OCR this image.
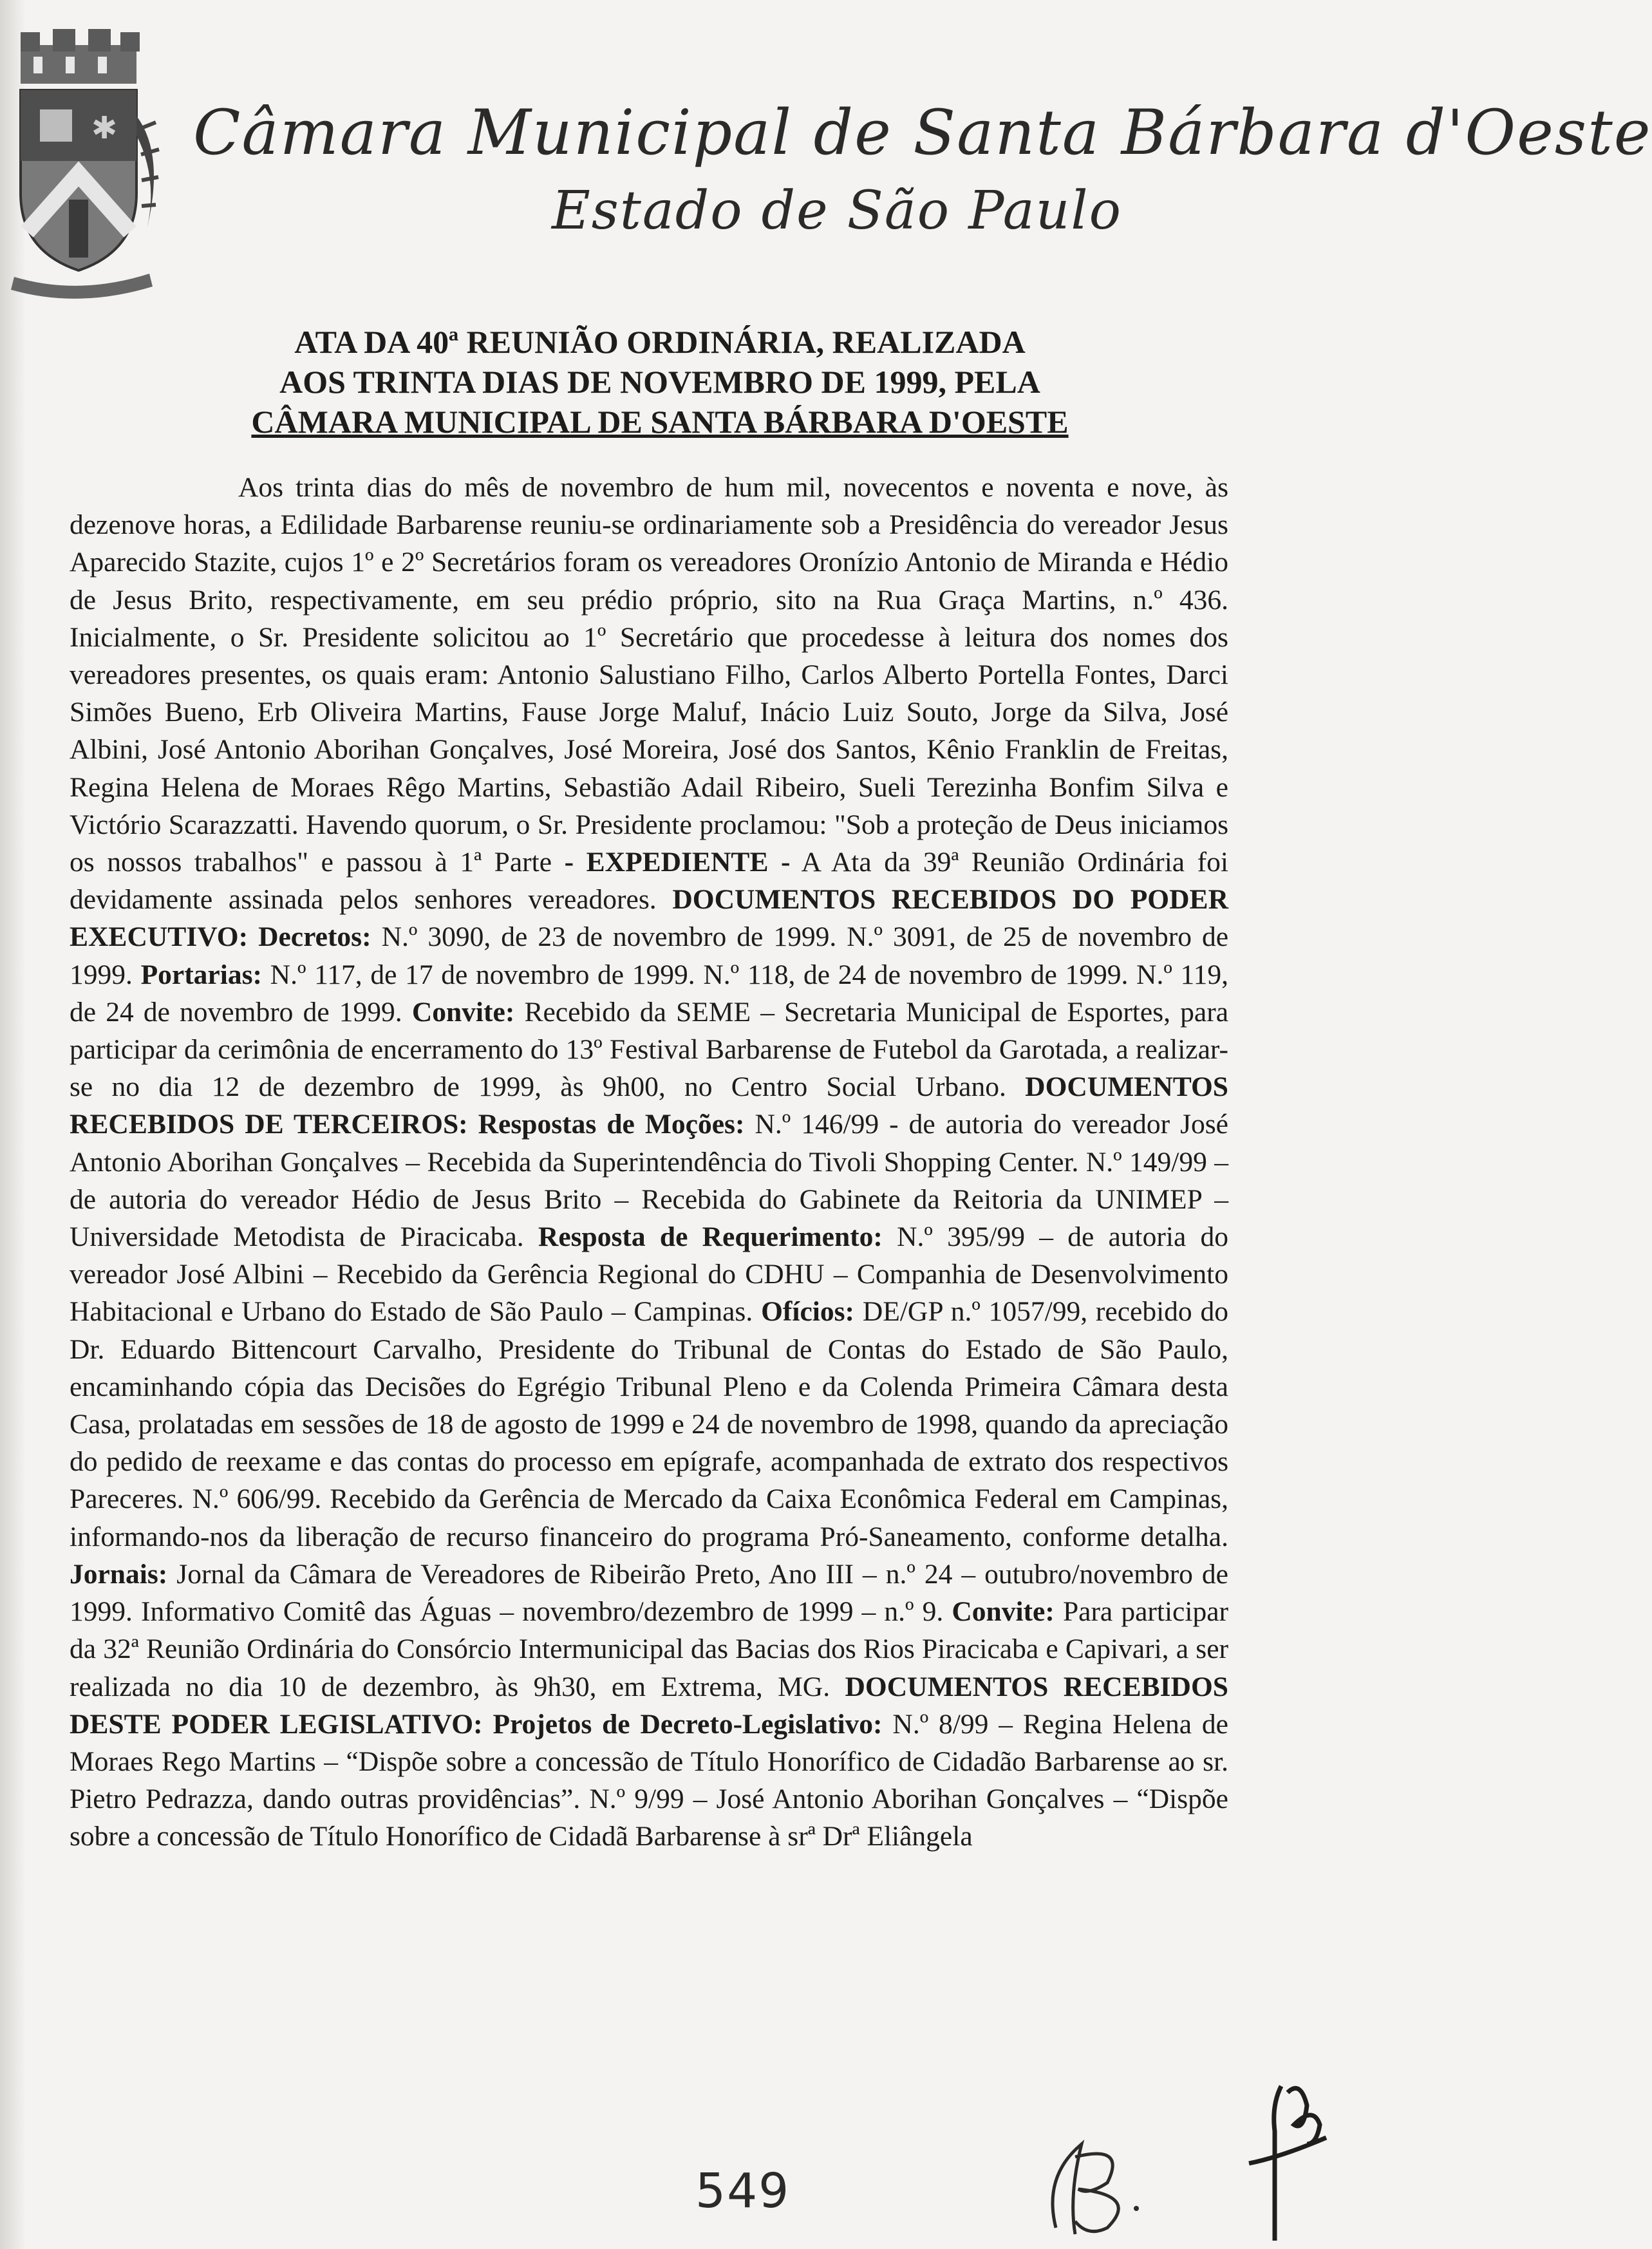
✱ Câmara Municipal de Santa Bárbara d'Oeste
Estado de São Paulo
ATA DA 40ª REUNIÃO ORDINÁRIA, REALIZADA
AOS TRINTA DIAS DE NOVEMBRO DE 1999, PELA
CÂMARA MUNICIPAL DE SANTA BÁRBARA D'OESTE
Aos trinta dias do mês de novembro de hum mil, novecentos e noventa e nove, às dezenove horas, a Edilidade Barbarense reuniu-se ordinariamente sob a Presidência do vereador Jesus Aparecido Stazite, cujos 1º e 2º Secretários foram os vereadores Oronízio Antonio de Miranda e Hédio de Jesus Brito, respectivamente, em seu prédio próprio, sito na Rua Graça Martins, n.º 436. Inicialmente, o Sr. Presidente solicitou ao 1º Secretário que procedesse à leitura dos nomes dos vereadores presentes, os quais eram: Antonio Salustiano Filho, Carlos Alberto Portella Fontes, Darci Simões Bueno, Erb Oliveira Martins, Fause Jorge Maluf, Inácio Luiz Souto, Jorge da Silva, José Albini, José Antonio Aborihan Gonçalves, José Moreira, José dos Santos, Kênio Franklin de Freitas, Regina Helena de Moraes Rêgo Martins, Sebastião Adail Ribeiro, Sueli Terezinha Bonfim Silva e Victório Scarazzatti. Havendo quorum, o Sr. Presidente proclamou: "Sob a proteção de Deus iniciamos os nossos trabalhos" e passou à 1ª Parte - EXPEDIENTE - A Ata da 39ª Reunião Ordinária foi devidamente assinada pelos senhores vereadores. DOCUMENTOS RECEBIDOS DO PODER EXECUTIVO: Decretos: N.º 3090, de 23 de novembro de 1999. N.º 3091, de 25 de novembro de 1999. Portarias: N.º 117, de 17 de novembro de 1999. N.º 118, de 24 de novembro de 1999. N.º 119, de 24 de novembro de 1999. Convite: Recebido da SEME – Secretaria Municipal de Esportes, para participar da cerimônia de encerramento do 13º Festival Barbarense de Futebol da Garotada, a realizar-se no dia 12 de dezembro de 1999, às 9h00, no Centro Social Urbano. DOCUMENTOS RECEBIDOS DE TERCEIROS: Respostas de Moções: N.º 146/99 - de autoria do vereador José Antonio Aborihan Gonçalves – Recebida da Superintendência do Tivoli Shopping Center. N.º 149/99 – de autoria do vereador Hédio de Jesus Brito – Recebida do Gabinete da Reitoria da UNIMEP – Universidade Metodista de Piracicaba. Resposta de Requerimento: N.º 395/99 – de autoria do vereador José Albini – Recebido da Gerência Regional do CDHU – Companhia de Desenvolvimento Habitacional e Urbano do Estado de São Paulo – Campinas. Ofícios: DE/GP n.º 1057/99, recebido do Dr. Eduardo Bittencourt Carvalho, Presidente do Tribunal de Contas do Estado de São Paulo, encaminhando cópia das Decisões do Egrégio Tribunal Pleno e da Colenda Primeira Câmara desta Casa, prolatadas em sessões de 18 de agosto de 1999 e 24 de novembro de 1998, quando da apreciação do pedido de reexame e das contas do processo em epígrafe, acompanhada de extrato dos respectivos Pareceres. N.º 606/99. Recebido da Gerência de Mercado da Caixa Econômica Federal em Campinas, informando-nos da liberação de recurso financeiro do programa Pró-Saneamento, conforme detalha. Jornais: Jornal da Câmara de Vereadores de Ribeirão Preto, Ano III – n.º 24 – outubro/novembro de 1999. Informativo Comitê das Águas – novembro/dezembro de 1999 – n.º 9. Convite: Para participar da 32ª Reunião Ordinária do Consórcio Intermunicipal das Bacias dos Rios Piracicaba e Capivari, a ser realizada no dia 10 de dezembro, às 9h30, em Extrema, MG. DOCUMENTOS RECEBIDOS DESTE PODER LEGISLATIVO: Projetos de Decreto-Legislativo: N.º 8/99 – Regina Helena de Moraes Rego Martins – “Dispõe sobre a concessão de Título Honorífico de Cidadão Barbarense ao sr. Pietro Pedrazza, dando outras providências”. N.º 9/99 – José Antonio Aborihan Gonçalves – “Dispõe sobre a concessão de Título Honorífico de Cidadã Barbarense à srª Drª Eliângela
549
